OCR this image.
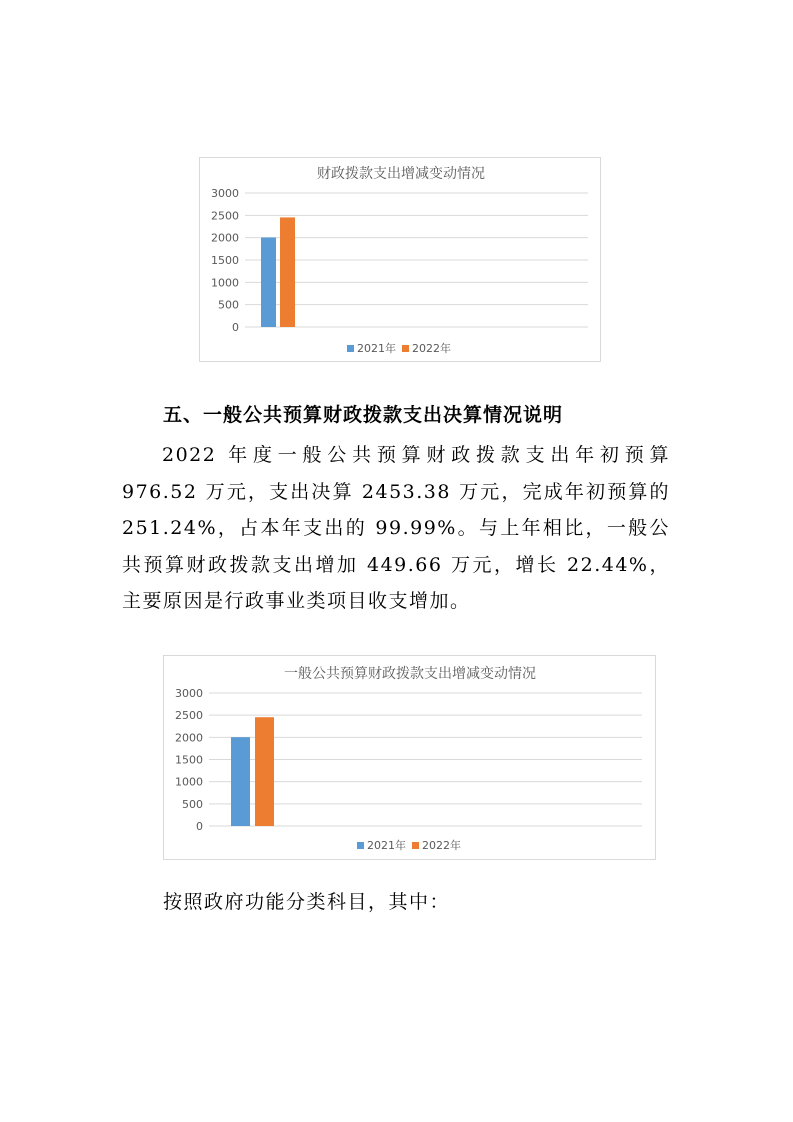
财政拨款支出增减变动情况
0
500
1000
1500
2000
2500
3000
2021年 2022年
五、一般公共预算财政拨款支出决算情况说明
2022 年度一般公共预算财政拨款支出年初预算 976.52 万元，支出决算 2453.38 万元，完成年初预算的 251.24%，占本年支出的 99.99%。与上年相比，一般公共预算财政拨款支出增加 449.66 万元，增长 22.44%，主要原因是行政事业类项目收支增加。
一般公共预算财政拨款支出增减变动情况
0
500
1000
1500
2000
2500
3000
2021年 2022年
按照政府功能分类科目，其中：
